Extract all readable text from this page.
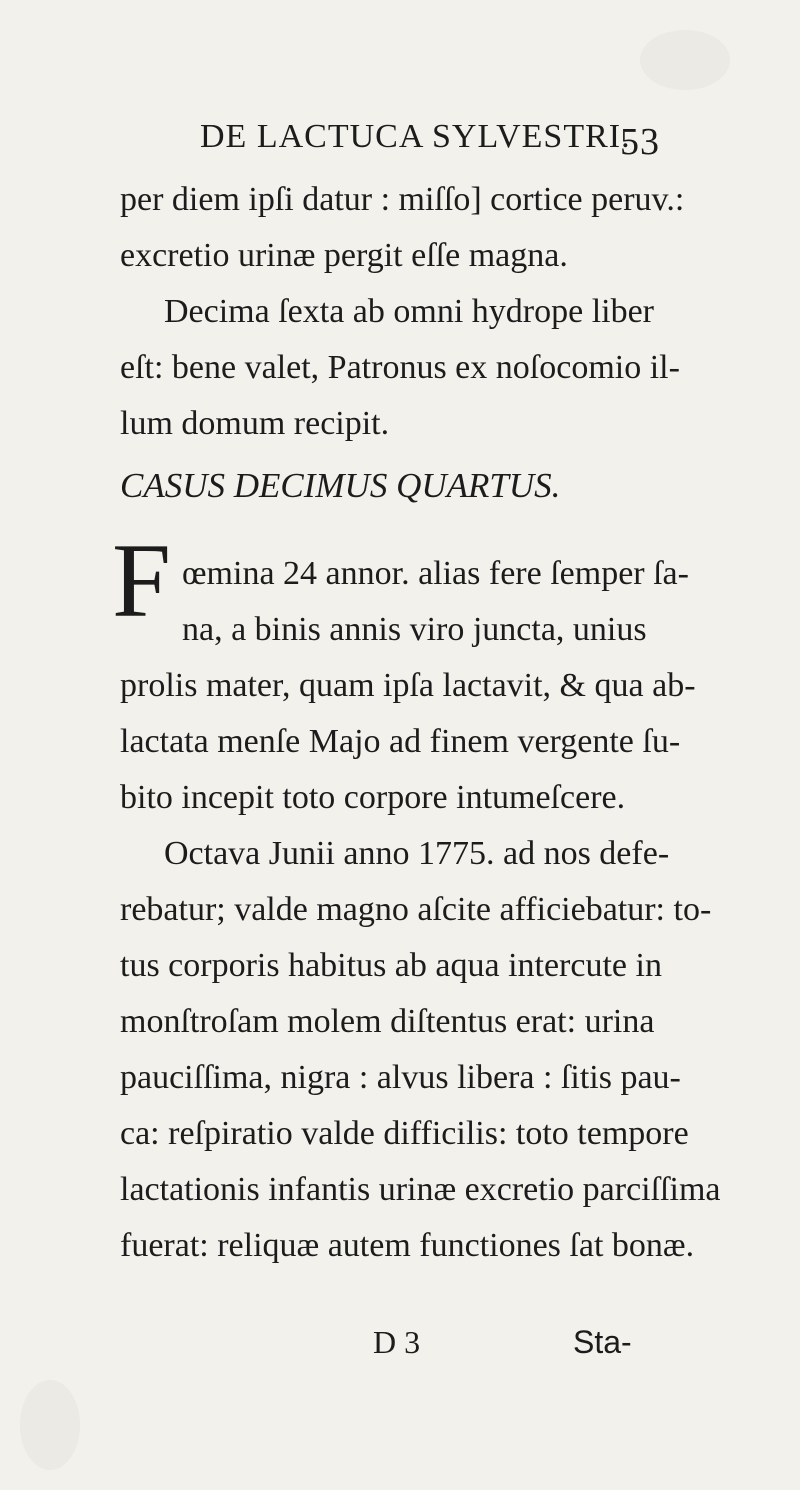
DE LACTUCA SYLVESTRI.
53
per diem ipſi datur : miſſo] cortice peruv.:
excretio urinæ pergit eſſe magna.
Decima ſexta ab omni hydrope liber
eſt: bene valet, Patronus ex noſocomio il-
lum domum recipit.
CASUS DECIMUS QUARTUS.
F œmina 24 annor. alias fere ſemper ſa-
na, a binis annis viro juncta, unius
prolis mater, quam ipſa lactavit, & qua ab-
lactata menſe Majo ad finem vergente ſu-
bito incepit toto corpore intumeſcere.
Octava Junii anno 1775. ad nos defe-
rebatur; valde magno aſcite afficiebatur: to-
tus corporis habitus ab aqua intercute in
monſtroſam molem diſtentus erat: urina
pauciſſima, nigra : alvus libera : ſitis pau-
ca: reſpiratio valde difficilis: toto tempore
lactationis infantis urinæ excretio parciſſima
fuerat: reliquæ autem functiones ſat bonæ.
D 3	Sta-
